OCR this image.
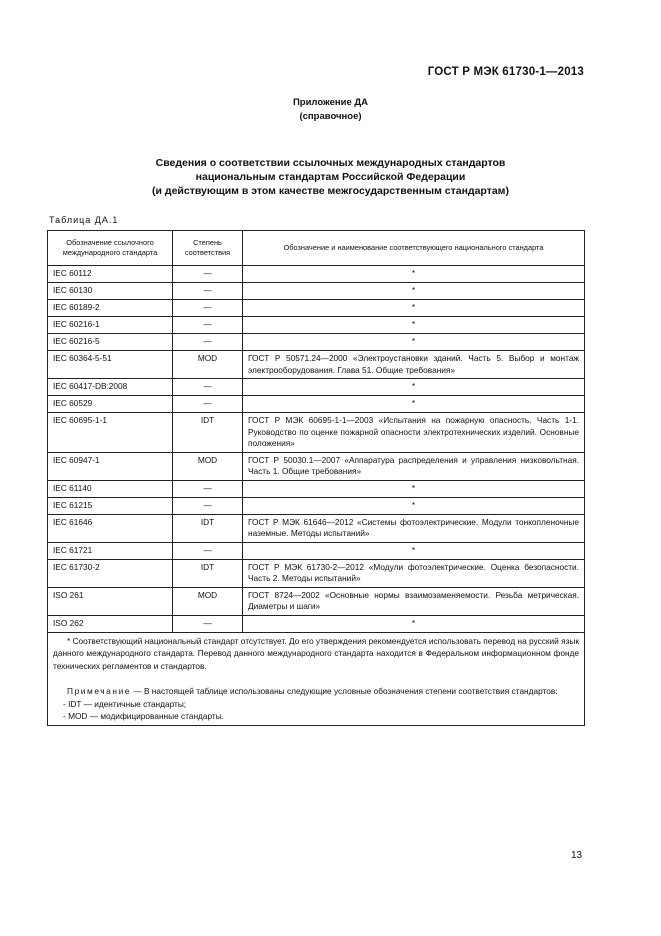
ГОСТ Р МЭК 61730-1—2013
Приложение ДА
(справочное)
Сведения о соответствии ссылочных международных стандартов
национальным стандартам Российской Федерации
(и действующим в этом качестве межгосударственным стандартам)
Таблица ДА.1
Обозначение ссылочного международного стандарта	Степень соответствия	Обозначение и наименование соответствующего национального стандарта
IEC 60112	—	*
IEC 60130	—	*
IEC 60189-2	—	*
IEC 60216-1	—	*
IEC 60216-5	—	*
IEC 60364-5-51	MOD	ГОСТ Р 50571.24—2000 «Электроустановки зданий. Часть 5. Выбор и монтаж электрооборудования. Глава 51. Общие требования»
IEC 60417-DB:2008	—	*
IEC 60529	—	*
IEC 60695-1-1	IDT	ГОСТ Р МЭК 60695-1-1—2003 «Испытания на пожарную опасность. Часть 1-1. Руководство по оценке пожарной опасности электротехнических изделий. Основные положения»
IEC 60947-1	MOD	ГОСТ Р 50030.1—2007 «Аппаратура распределения и управления низковольтная. Часть 1. Общие требования»
IEC 61140	—	*
IEC 61215	—	*
IEC 61646	IDT	ГОСТ Р МЭК 61646—2012 «Системы фотоэлектрические. Модули тонкопленочные наземные. Методы испытаний»
IEC 61721	—	*
IEC 61730-2	IDT	ГОСТ Р МЭК 61730-2—2012 «Модули фотоэлектрические. Оценка безопасности. Часть 2. Методы испытаний»
ISO 261	MOD	ГОСТ 8724—2002 «Основные нормы взаимозаменяемости. Резьба метрическая. Диаметры и шаги»
ISO 262	—	*

* Соответствующий национальный стандарт отсутствует. До его утверждения рекомендуется использовать перевод на русский язык данного международного стандарта. Перевод данного международного стандарта находится в Федеральном информационном фонде технических регламентов и стандартов.

Примечание — В настоящей таблице использованы следующие условные обозначения степени соответствия стандартов:

- IDT — идентичные стандарты;

- MOD — модифицированные стандарты.		

13
